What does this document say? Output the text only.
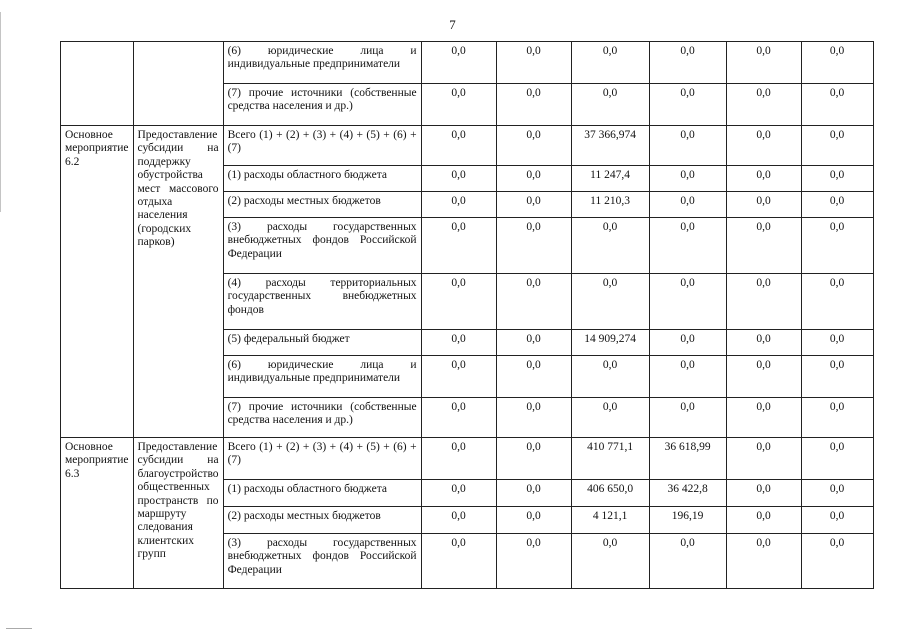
7
		(6) юридические лица и индивидуальные предприниматели	0,0	0,0	0,0	0,0	0,0	0,0
		(7) прочие источники (собственные средства населения и др.)	0,0	0,0	0,0	0,0	0,0	0,0
Основное мероприятие 6.2	Предоставление субсидии на поддержку обустройства мест массового отдыха населения (городских парков)	Всего (1) + (2) + (3) + (4) + (5) + (6) + (7)	0,0	0,0	37 366,974	0,0	0,0	0,0
		(1) расходы областного бюджета	0,0	0,0	11 247,4	0,0	0,0	0,0
		(2) расходы местных бюджетов	0,0	0,0	11 210,3	0,0	0,0	0,0
		(3) расходы государственных внебюджетных фондов Российской Федерации	0,0	0,0	0,0	0,0	0,0	0,0
		(4) расходы территориальных государственных внебюджетных фондов	0,0	0,0	0,0	0,0	0,0	0,0
		(5) федеральный бюджет	0,0	0,0	14 909,274	0,0	0,0	0,0
		(6) юридические лица и индивидуальные предприниматели	0,0	0,0	0,0	0,0	0,0	0,0
		(7) прочие источники (собственные средства населения и др.)	0,0	0,0	0,0	0,0	0,0	0,0
Основное мероприятие 6.3	Предоставление субсидии на благоустройство общественных пространств по маршруту следования клиентских групп	Всего (1) + (2) + (3) + (4) + (5) + (6) + (7)	0,0	0,0	410 771,1	36 618,99	0,0	0,0
		(1) расходы областного бюджета	0,0	0,0	406 650,0	36 422,8	0,0	0,0
		(2) расходы местных бюджетов	0,0	0,0	4 121,1	196,19	0,0	0,0
		(3) расходы государственных внебюджетных фондов Российской Федерации	0,0	0,0	0,0	0,0	0,0	0,0
